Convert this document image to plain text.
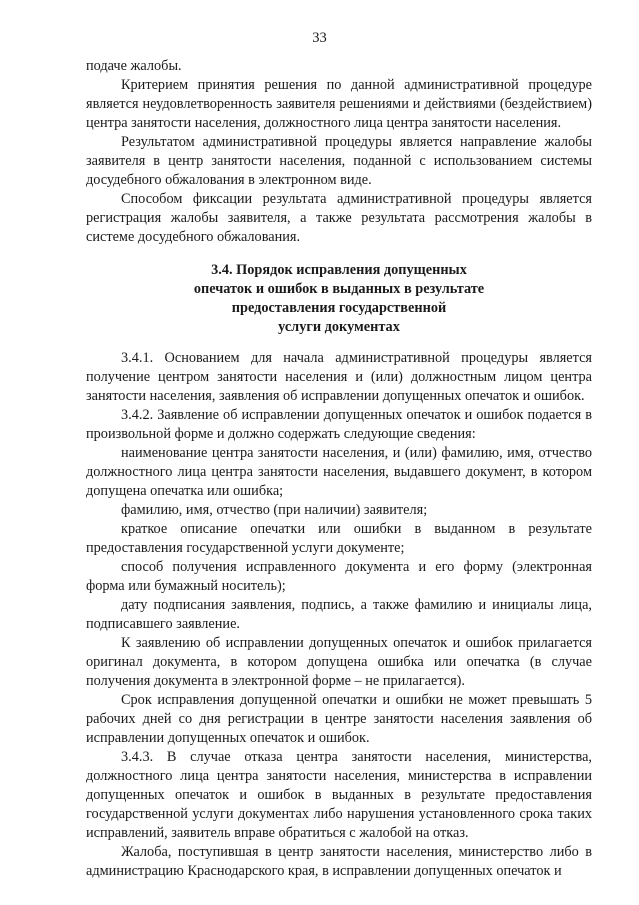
33

подаче жалобы.

Критерием принятия решения по данной административной процедуре является неудовлетворенность заявителя решениями и действиями (бездействием) центра занятости населения, должностного лица центра занятости населения.

Результатом административной процедуры является направление жалобы заявителя в центр занятости населения, поданной с использованием системы досудебного обжалования в электронном виде.

Способом фиксации результата административной процедуры является регистрация жалобы заявителя, а также результата рассмотрения жалобы в системе досудебного обжалования.

3.4. Порядок исправления допущенных
опечаток и ошибок в выданных в результате
предоставления государственной
услуги документах

3.4.1. Основанием для начала административной процедуры является получение центром занятости населения и (или) должностным лицом центра занятости населения, заявления об исправлении допущенных опечаток и ошибок.

3.4.2. Заявление об исправлении допущенных опечаток и ошибок подается в произвольной форме и должно содержать следующие сведения:

наименование центра занятости населения, и (или) фамилию, имя, отчество должностного лица центра занятости населения, выдавшего документ, в котором допущена опечатка или ошибка;

фамилию, имя, отчество (при наличии) заявителя;

краткое описание опечатки или ошибки в выданном в результате предоставления государственной услуги документе;

способ получения исправленного документа и его форму (электронная форма или бумажный носитель);

дату подписания заявления, подпись, а также фамилию и инициалы лица, подписавшего заявление.

К заявлению об исправлении допущенных опечаток и ошибок прилагается оригинал документа, в котором допущена ошибка или опечатка (в случае получения документа в электронной форме – не прилагается).

Срок исправления допущенной опечатки и ошибки не может превышать 5 рабочих дней со дня регистрации в центре занятости населения заявления об исправлении допущенных опечаток и ошибок.

3.4.3. В случае отказа центра занятости населения, министерства, должностного лица центра занятости населения, министерства в исправлении допущенных опечаток и ошибок в выданных в результате предоставления государственной услуги документах либо нарушения установленного срока таких исправлений, заявитель вправе обратиться с жалобой на отказ.

Жалоба, поступившая в центр занятости населения, министерство либо в администрацию Краснодарского края, в исправлении допущенных опечаток и
